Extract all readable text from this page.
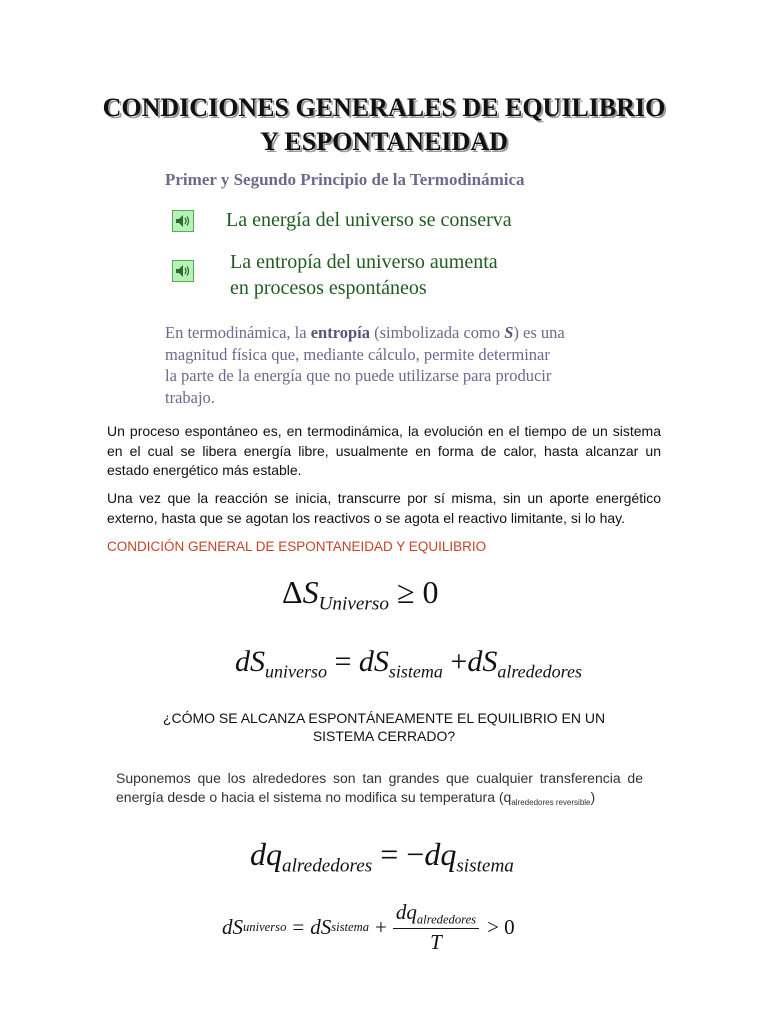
CONDICIONES GENERALES DE EQUILIBRIO
Y ESPONTANEIDAD
Primer y Segundo Principio de la Termodinámica
La energía del universo se conserva
La entropía del universo aumenta
en procesos espontáneos
En termodinámica, la entropía (simbolizada como S) es una magnitud física que, mediante cálculo, permite determinar la parte de la energía que no puede utilizarse para producir trabajo.
Un proceso espontáneo es, en termodinámica, la evolución en el tiempo de un sistema en el cual se libera energía libre, usualmente en forma de calor, hasta alcanzar un estado energético más estable.
Una vez que la reacción se inicia, transcurre por sí misma, sin un aporte energético externo, hasta que se agotan los reactivos o se agota el reactivo limitante, si lo hay.
CONDICIÓN GENERAL DE ESPONTANEIDAD Y EQUILIBRIO
$\Delta S_{Universo} \ge 0$
$dS_{universo} = dS_{sistema} +dS_{alrededores}$
¿CÓMO SE ALCANZA ESPONTÁNEAMENTE EL EQUILIBRIO EN UN
SISTEMA CERRADO?
Suponemos que los alrededores son tan grandes que cualquier transferencia de energía desde o hacia el sistema no modifica su temperatura $(q_{alrededores reversible})$
$dq_{alrededores} = -dq_{sistema}$
dS universo = dS sistema + $\frac{dq_{alrededores}}{T} > 0$
